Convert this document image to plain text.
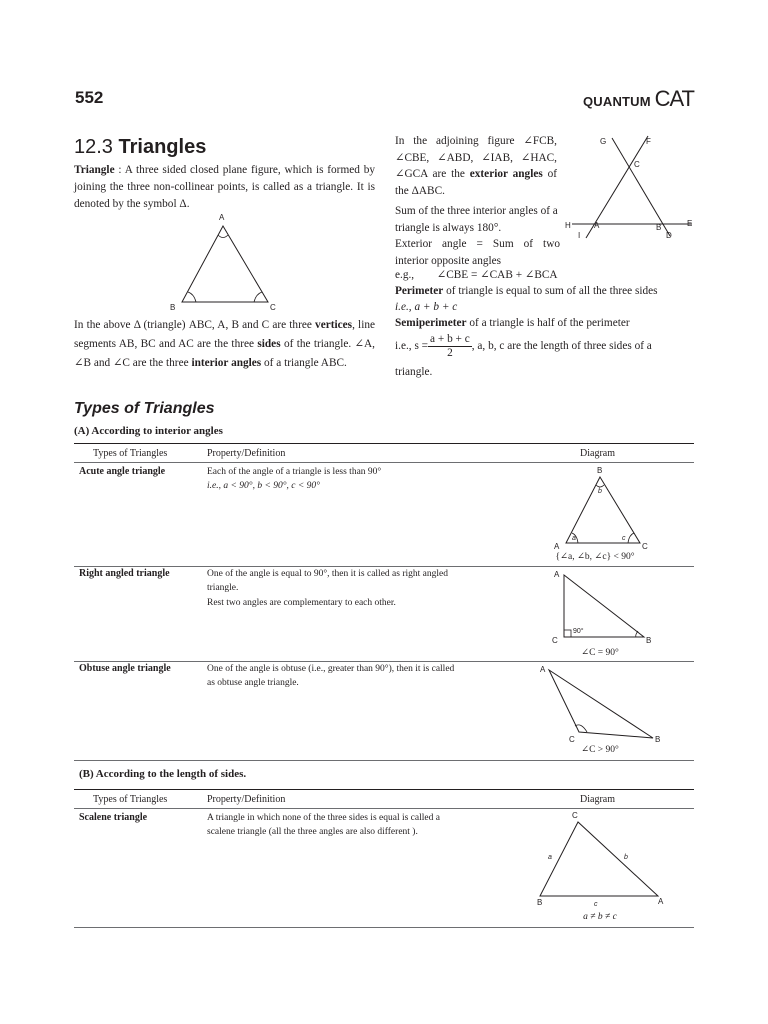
552	QUANTUM CAT
12.3 Triangles
Triangle : A three sided closed plane figure, which is formed by joining the three non-collinear points, is called as a triangle. It is denoted by the symbol Δ.
A
B	C
In the above Δ (triangle) ABC, A, B and C are three vertices, line segments AB, BC and AC are the three sides of the triangle. ∠A, ∠B and ∠C are the three interior angles of a triangle ABC.
In the adjoining figure ∠FCB, ∠CBE, ∠ABD, ∠IAB, ∠HAC, ∠GCA are the exterior angles of the ΔABC.
G	F
C
H	A
I
B
D
E
Sum of the three interior angles of a triangle is always 180°.
Exterior angle = Sum of two interior opposite angles
e.g.,        ∠CBE = ∠CAB + ∠BCA
Perimeter of triangle is equal to sum of all the three sides
i.e., a + b + c
Semiperimeter of a triangle is half of the perimeter
i.e., $s = \frac{a + b + c}{2}$ , a, b, c are the length of three sides of a
triangle.
Types of Triangles
(A) According to interior angles
Types of Triangles	Property/Definition	Diagram
Acute angle triangle	Each of the angle of a triangle is less than 90°
i.e., a < 90°, b < 90°, c < 90°
B
b
A
a
C
c
{∠a, ∠b, ∠c} < 90°
Right angled triangle	One of the angle is equal to 90°, then it is called as right angled
triangle.
Rest two angles are complementary to each other.
A
C	B
90°
∠C = 90°
Obtuse angle triangle	One of the angle is obtuse (i.e., greater than 90°), then it is called
as obtuse angle triangle.
A
C	B
∠C > 90°
(B) According to the length of sides.
Types of Triangles	Property/Definition	Diagram
Scalene triangle	A triangle in which none of the three sides is equal is called a
scalene triangle (all the three angles are also different ).
C
a	b
B	c	A
a ≠ b ≠ c
